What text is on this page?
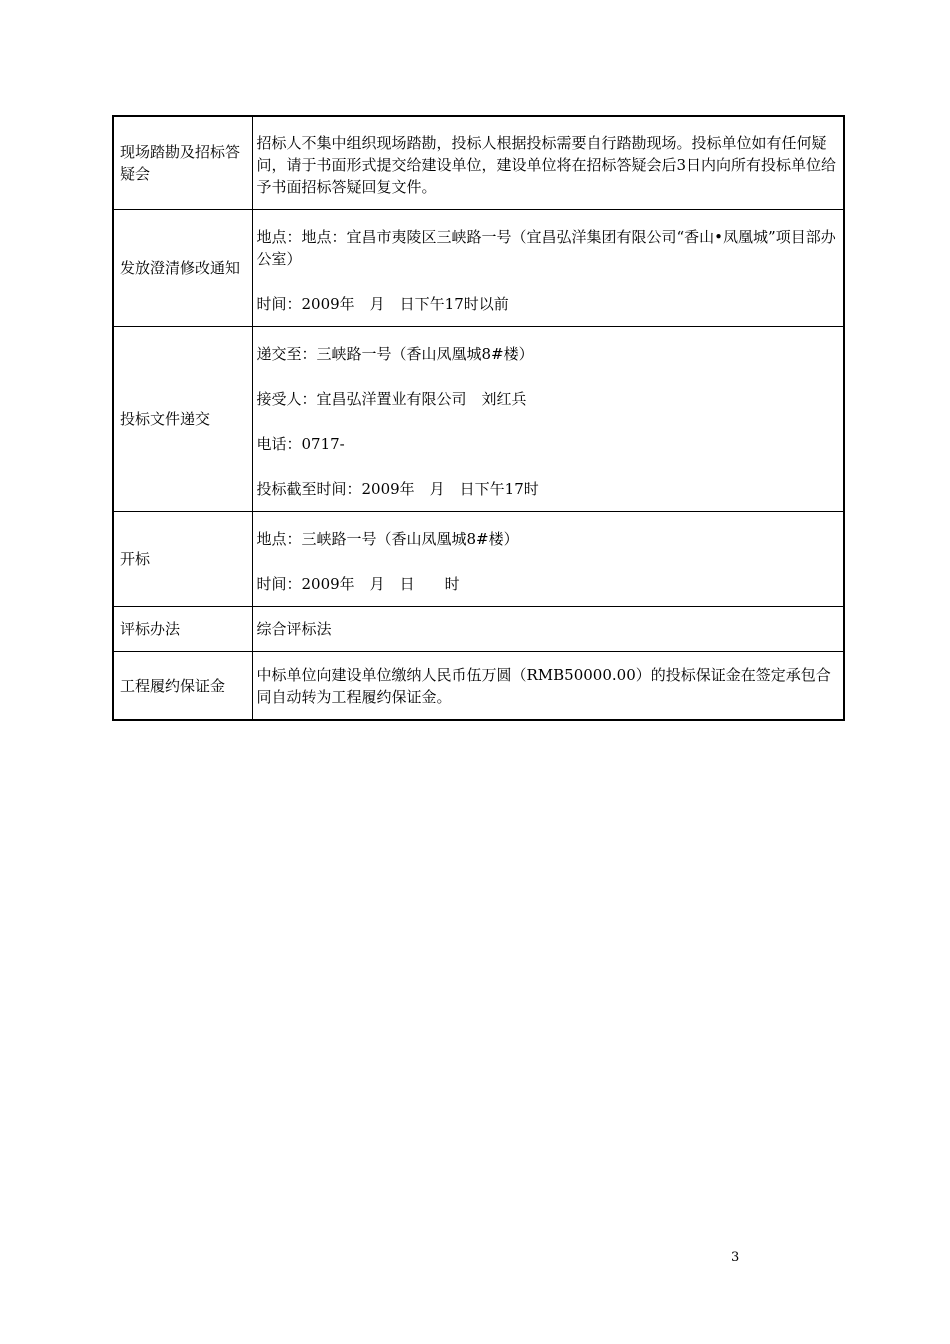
现场踏勘及招标答疑会	招标人不集中组织现场踏勘，投标人根据投标需要自行踏勘现场。投标单位如有任何疑问，请于书面形式提交给建设单位，建设单位将在招标答疑会后3日内向所有投标单位给予书面招标答疑回复文件。

发放澄清修改通知	地点：地点：宜昌市夷陵区三峡路一号（宜昌弘洋集团有限公司“香山•凤凰城”项目部办公室）

时间：2009年　月　日下午17时以前

投标文件递交	递交至：三峡路一号（香山凤凰城8#楼）

接受人：宜昌弘洋置业有限公司　刘红兵

电话：0717-

投标截至时间：2009年　月　日下午17时

开标	地点：三峡路一号（香山凤凰城8#楼）

时间：2009年　月　日　　时

评标办法	综合评标法

工程履约保证金	中标单位向建设单位缴纳人民币伍万圆（RMB50000.00）的投标保证金在签定承包合同自动转为工程履约保证金。

3
